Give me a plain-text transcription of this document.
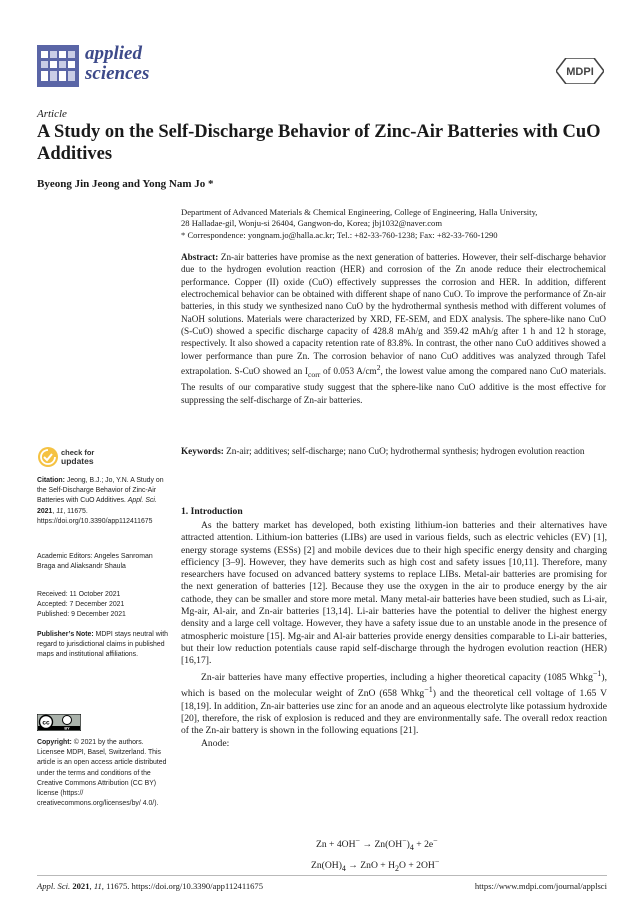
applied
sciences	MDPI
Article
A Study on the Self-Discharge Behavior of Zinc-Air Batteries with CuO Additives
Byeong Jin Jeong and Yong Nam Jo *
Department of Advanced Materials & Chemical Engineering, College of Engineering, Halla University,
28 Halladae-gil, Wonju-si 26404, Gangwon-do, Korea; jbj1032@naver.com
* Correspondence: yongnam.jo@halla.ac.kr; Tel.: +82-33-760-1238; Fax: +82-33-760-1290
Abstract: Zn-air batteries have promise as the next generation of batteries. However, their self-discharge behavior due to the hydrogen evolution reaction (HER) and corrosion of the Zn anode reduce their electrochemical performance. Copper (II) oxide (CuO) effectively suppresses the corrosion and HER. In addition, different electrochemical behavior can be obtained with different shape of nano CuO. To improve the performance of Zn-air batteries, in this study we synthesized nano CuO by the hydrothermal synthesis method with different volumes of NaOH solutions. Materials were characterized by XRD, FE-SEM, and EDX analysis. The sphere-like nano CuO (S-CuO) showed a specific discharge capacity of 428.8 mAh/g and 359.42 mAh/g after 1 h and 12 h storage, respectively. It also showed a capacity retention rate of 83.8%. In contrast, the other nano CuO additives showed a lower performance than pure Zn. The corrosion behavior of nano CuO additives was analyzed through Tafel extrapolation. S-CuO showed an $I_{corr}$ of 0.053 $A/cm^2$, the lowest value among the compared nano CuO materials. The results of our comparative study suggest that the sphere-like nano CuO additive is the most effective for suppressing the self-discharge of Zn-air batteries.
Keywords: Zn-air; additives; self-discharge; nano CuO; hydrothermal synthesis; hydrogen evolution reaction
check for
updates
Citation: Jeong, B.J.; Jo, Y.N. A Study on the Self-Discharge Behavior of Zinc-Air Batteries with CuO Additives. Appl. Sci. 2021, 11, 11675. https://doi.org/10.3390/app112411675
Academic Editors: Angeles Sanroman Braga and Aliaksandr Shaula
Received: 11 October 2021
Accepted: 7 December 2021
Published: 9 December 2021
Publisher’s Note: MDPI stays neutral with regard to jurisdictional claims in published maps and institutional affiliations.
cc
BY
Copyright: © 2021 by the authors. Licensee MDPI, Basel, Switzerland. This article is an open access article distributed under the terms and conditions of the Creative Commons Attribution (CC BY) license (https:// creativecommons.org/licenses/by/ 4.0/).
1. Introduction

As the battery market has developed, both existing lithium-ion batteries and their alternatives have attracted attention. Lithium-ion batteries (LIBs) are used in various fields, such as electric vehicles (EV) [1], energy storage systems (ESSs) [2] and mobile devices due to their high specific energy density and charging efficiency [3–9]. However, they have demerits such as high cost and safety issues [10,11]. Therefore, many researchers have focused on advanced battery systems to replace LIBs. Metal-air batteries are promising for the next generation of batteries [12]. Because they use the oxygen in the air to produce energy by the air cathode, they can be smaller and store more metal. Many metal-air batteries have been studied, such as Li-air, Mg-air, Al-air, and Zn-air batteries [13,14]. Li-air batteries have the potential to deliver the highest energy density and a large cell voltage. However, they have a safety issue due to an unstable anode in the presence of atmospheric moisture [15]. Mg-air and Al-air batteries provide energy densities comparable to Li-air batteries, but their low reduction potentials cause rapid self-discharge through the hydrogen evolution reaction (HER) [16,17].

Zn-air batteries have many effective properties, including a higher theoretical capacity (1085 Whkg$^{-1}$), which is based on the molecular weight of ZnO (658 Whkg$^{-1}$) and the theoretical cell voltage of 1.65 V [18,19]. In addition, Zn-air batteries use zinc for an anode and an aqueous electrolyte like potassium hydroxide [20], therefore, the risk of explosion is reduced and they are environmentally safe. The overall redox reaction of the Zn-air battery is shown in the following equations [21].

Anode:

$Zn + 4OH^- \to Zn(OH^-)_4 + 2e^-$
$Zn(OH)_4$ → ZnO + $H_2O + 2OH^-$
Appl. Sci. 2021, 11, 11675. https://doi.org/10.3390/app112411675	https://www.mdpi.com/journal/applsci
